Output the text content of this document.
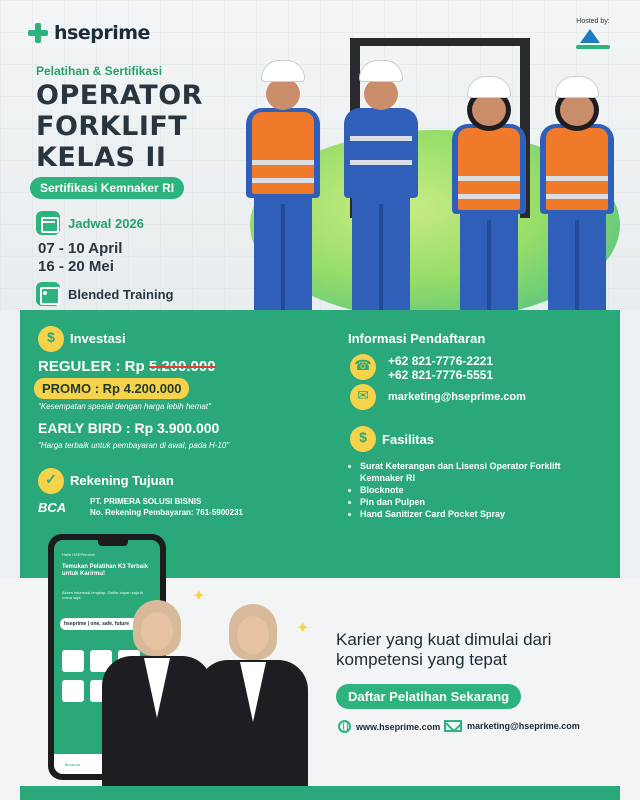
hseprime
Hosted by:
Pelatihan & Sertifikasi
OPERATOR
FORKLIFT
KELAS II
Sertifikasi Kemnaker RI
Jadwal 2026
07 - 10 April
16 - 20 Mei
Blended Training
$
Investasi
REGULER : Rp 5.200.000
PROMO : Rp 4.200.000
"Kesempatan spesial dengan harga lebih hemat"
EARLY BIRD : Rp 3.900.000
"Harga terbaik untuk pembayaran di awal, pada H-10"
✓
Rekening Tujuan
BCA	PT. PRIMERA SOLUSI BISNIS
No. Rekening Pembayaran: 761-5900231
Informasi Pendaftaran
☎
+62 821-7776-2221
+62 821-7776-5551
✉
marketing@hseprime.com
$
Fasilitas
• Surat Keterangan dan Lisensi Operator Forklift Kemnaker RI
• Blocknote
• Pin dan Pulpen
• Hand Sanitizer Card Pocket Spray
Hallo HSEPrimers!
Temukan Pelatihan K3 Terbaik untuk Karirmu!
Akses informasi lengkap, Daftar kapan saja di mana saja
hseprime | one, safe, future
Beranda
✦
✦
Karier yang kuat dimulai dari
kompetensi yang tepat
Daftar Pelatihan Sekarang
www.hseprime.com	marketing@hseprime.com
